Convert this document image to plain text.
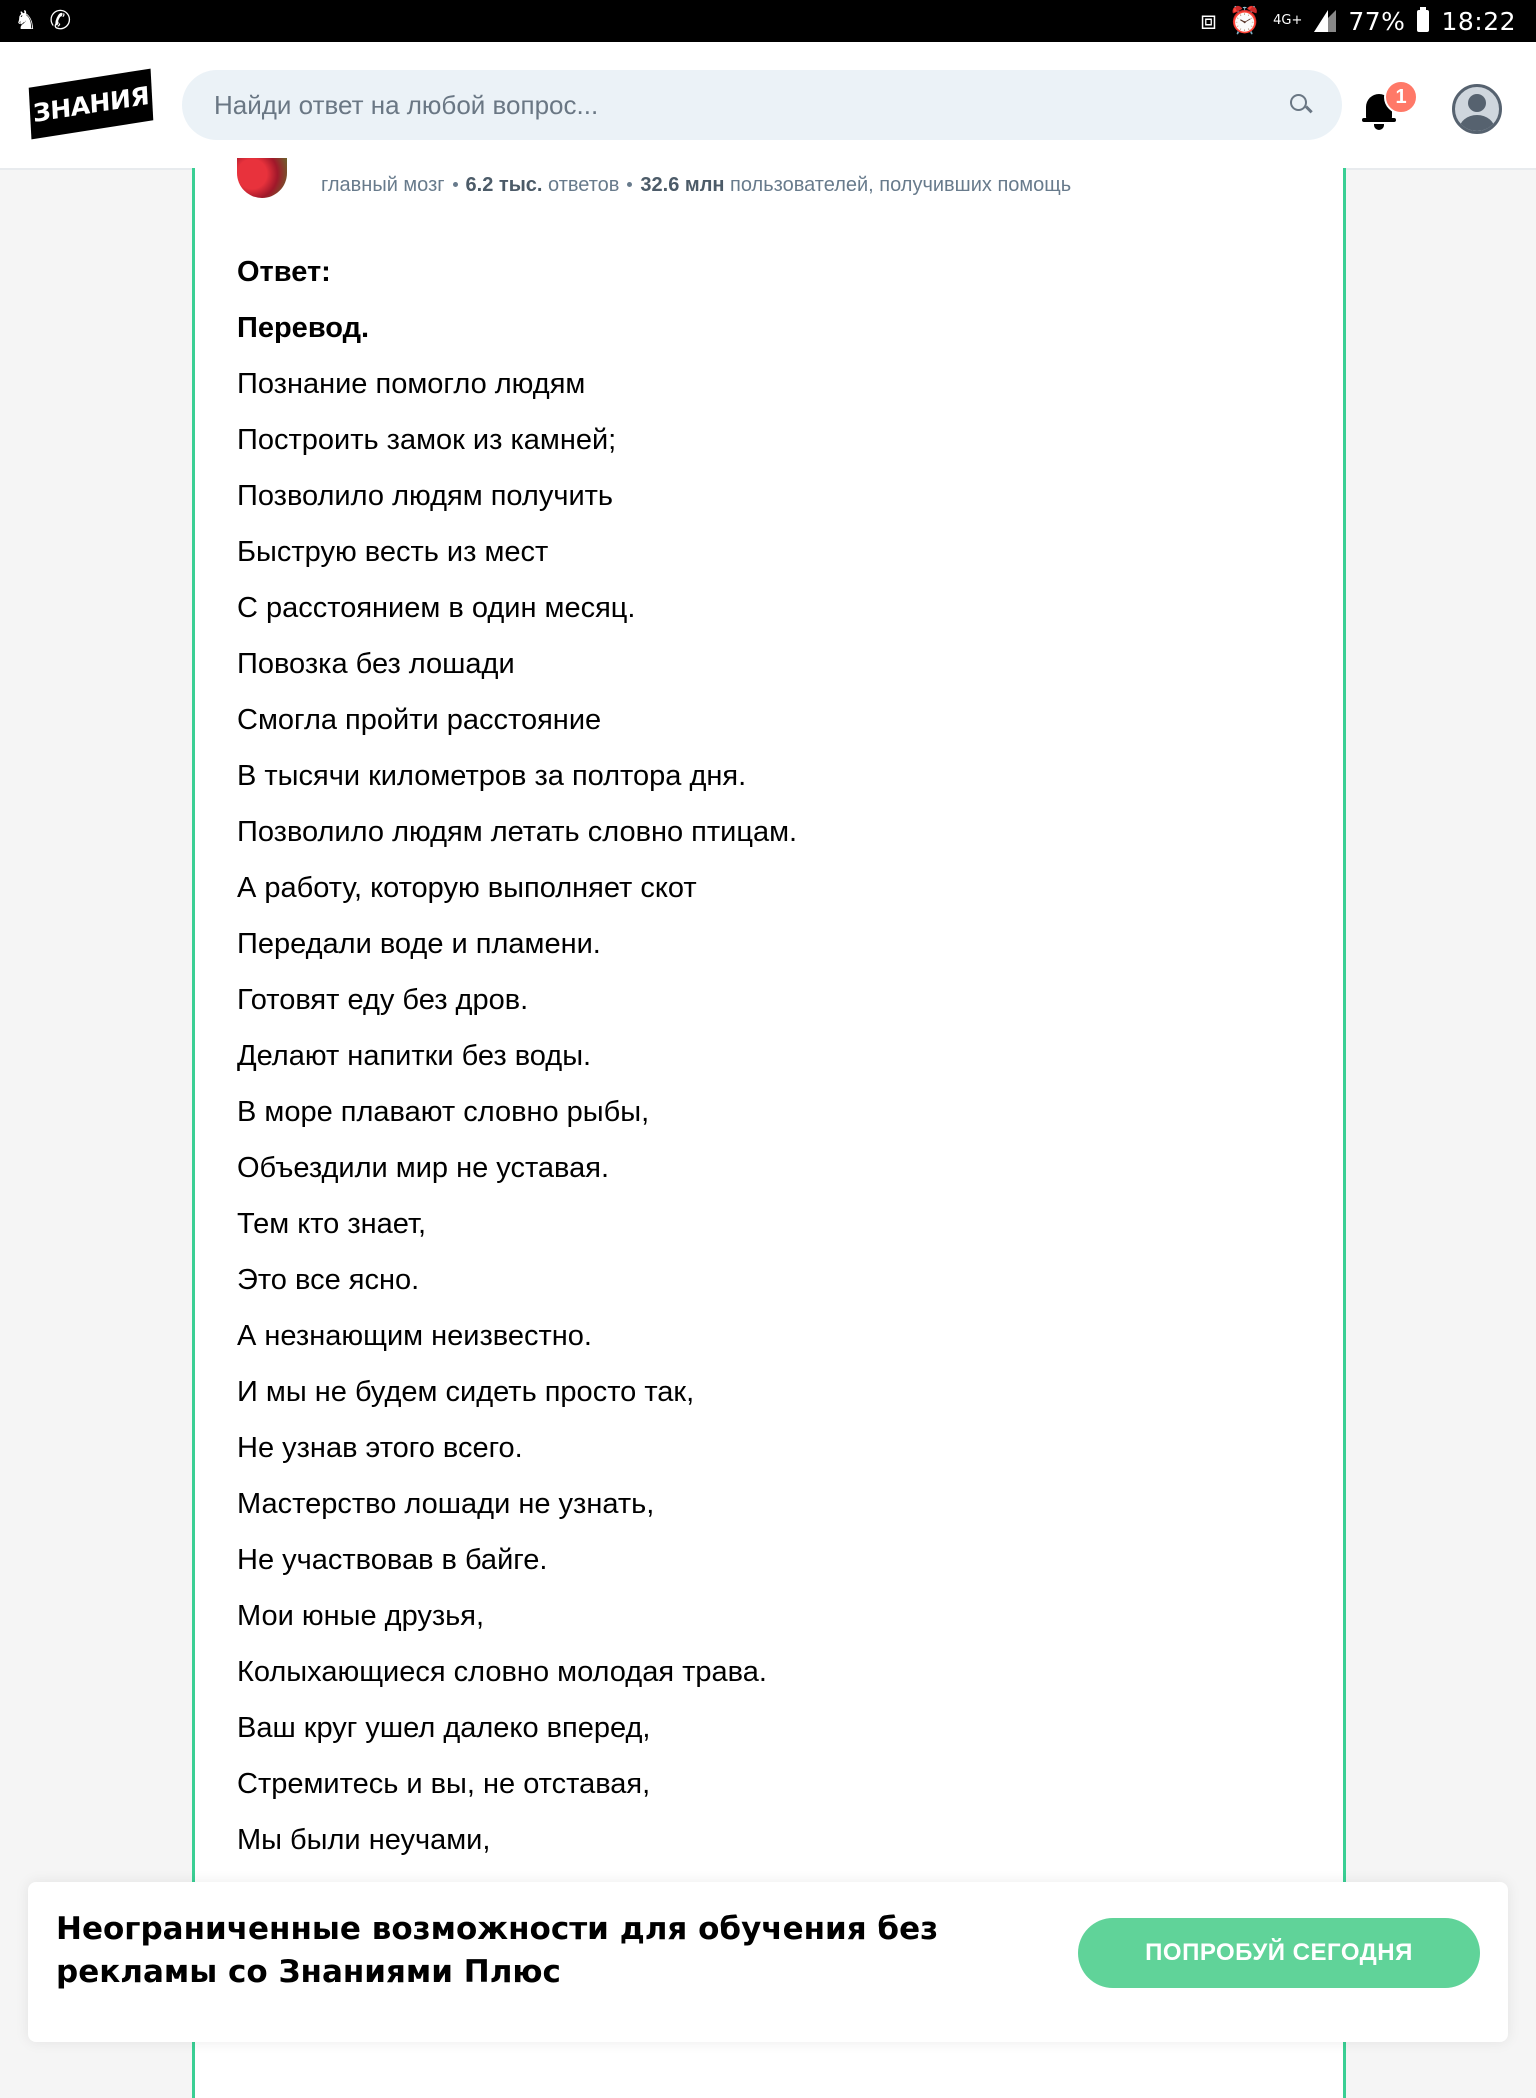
♞ ✆	⧈ ⏰ 4G+ 77% 18:22
ЗНАНИЯ
Найди ответ на любой вопрос...	1
главный мозг 6.2 тыс. ответов 32.6 млн пользователей, получивших помощь
Ответ:
Перевод.
Познание помогло людям
Построить замок из камней;
Позволило людям получить
Быструю весть из мест
С расстоянием в один месяц.
Повозка без лошади
Смогла пройти расстояние
В тысячи километров за полтора дня.
Позволило людям летать словно птицам.
А работу, которую выполняет скот
Передали воде и пламени.
Готовят еду без дров.
Делают напитки без воды.
В море плавают словно рыбы,
Объездили мир не уставая.
Тем кто знает,
Это все ясно.
А незнающим неизвестно.
И мы не будем сидеть просто так,
Не узнав этого всего.
Мастерство лошади не узнать,
Не участвовав в байге.
Мои юные друзья,
Колыхающиеся словно молодая трава.
Ваш круг ушел далеко вперед,
Стремитесь и вы, не отставая,
Мы были неучами,
Неограниченные возможности для обучения без рекламы со Знаниями Плюс
ПОПРОБУЙ СЕГОДНЯ
